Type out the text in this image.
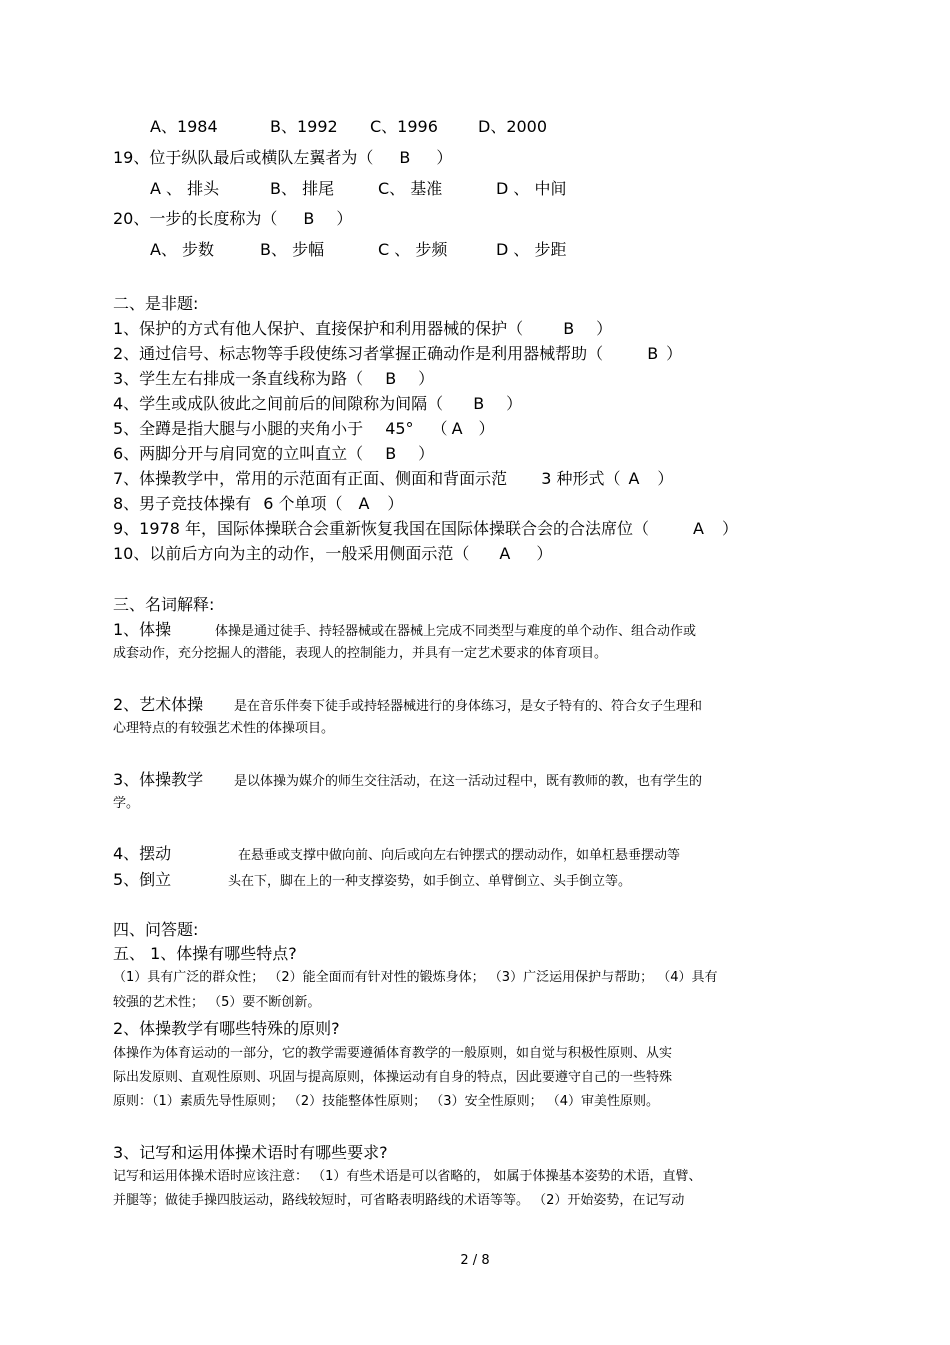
A、1984	B、1992 C、1996	D、2000
19、位于纵队最后或横队左翼者为（ B ）
A 、 排头	B、 排尾	C、 基准	D 、 中间
20、一步的长度称为（ B ）
A、 步数	B、 步幅	C 、 步频	D 、 步距
二、是非题:
1、保护的方式有他人保护、直接保护和利用器械的保护（	B ）
2、通过信号、标志物等手段使练习者掌握正确动作是利用器械帮助（	B ）
3、学生左右排成一条直线称为路（ B ）
4、学生或成队彼此之间前后的间隙称为间隔（ B ）
5、全蹲是指大腿与小腿的夹角小于 45° （ A ）
6、两脚分开与肩同宽的立叫直立（ B ）
7、体操教学中，常用的示范面有正面、侧面和背面示范 3 种形式（ A ）
8、男子竞技体操有 6 个单项（ A ）
9、1978 年，国际体操联合会重新恢复我国在国际体操联合会的合法席位（	A ）
10、以前后方向为主的动作，一般采用侧面示范（ A ）
三、名词解释:
1、体操	体操是通过徒手、持轻器械或在器械上完成不同类型与难度的单个动作、组合动作或
成套动作，充分挖掘人的潜能，表现人的控制能力，并具有一定艺术要求的体育项目。
2、艺术体操 是在音乐伴奏下徒手或持轻器械进行的身体练习，是女子特有的、符合女子生理和
心理特点的有较强艺术性的体操项目。
3、体操教学 是以体操为媒介的师生交往活动，在这一活动过程中，既有教师的教，也有学生的
学。
4、摆动	在悬垂或支撑中做向前、向后或向左右钟摆式的摆动动作，如单杠悬垂摆动等
5、倒立	头在下，脚在上的一种支撑姿势，如手倒立、单臂倒立、头手倒立等。
四、问答题:
五、 1、体操有哪些特点?
（1）具有广泛的群众性； （2）能全面而有针对性的锻炼身体； （3）广泛运用保护与帮助； （4）具有
较强的艺术性； （5）要不断创新。
2、体操教学有哪些特殊的原则?
体操作为体育运动的一部分，它的教学需要遵循体育教学的一般原则，如自觉与积极性原则、从实
际出发原则、直观性原则、巩固与提高原则，体操运动有自身的特点，因此要遵守自己的一些特殊
原则：（1）素质先导性原则； （2）技能整体性原则； （3）安全性原则； （4）审美性原则。
3、记写和运用体操术语时有哪些要求?
记写和运用体操术语时应该注意： （1）有些术语是可以省略的， 如属于体操基本姿势的术语，直臂、
并腿等；做徒手操四肢运动，路线较短时，可省略表明路线的术语等等。 （2）开始姿势，在记写动
2 / 8
